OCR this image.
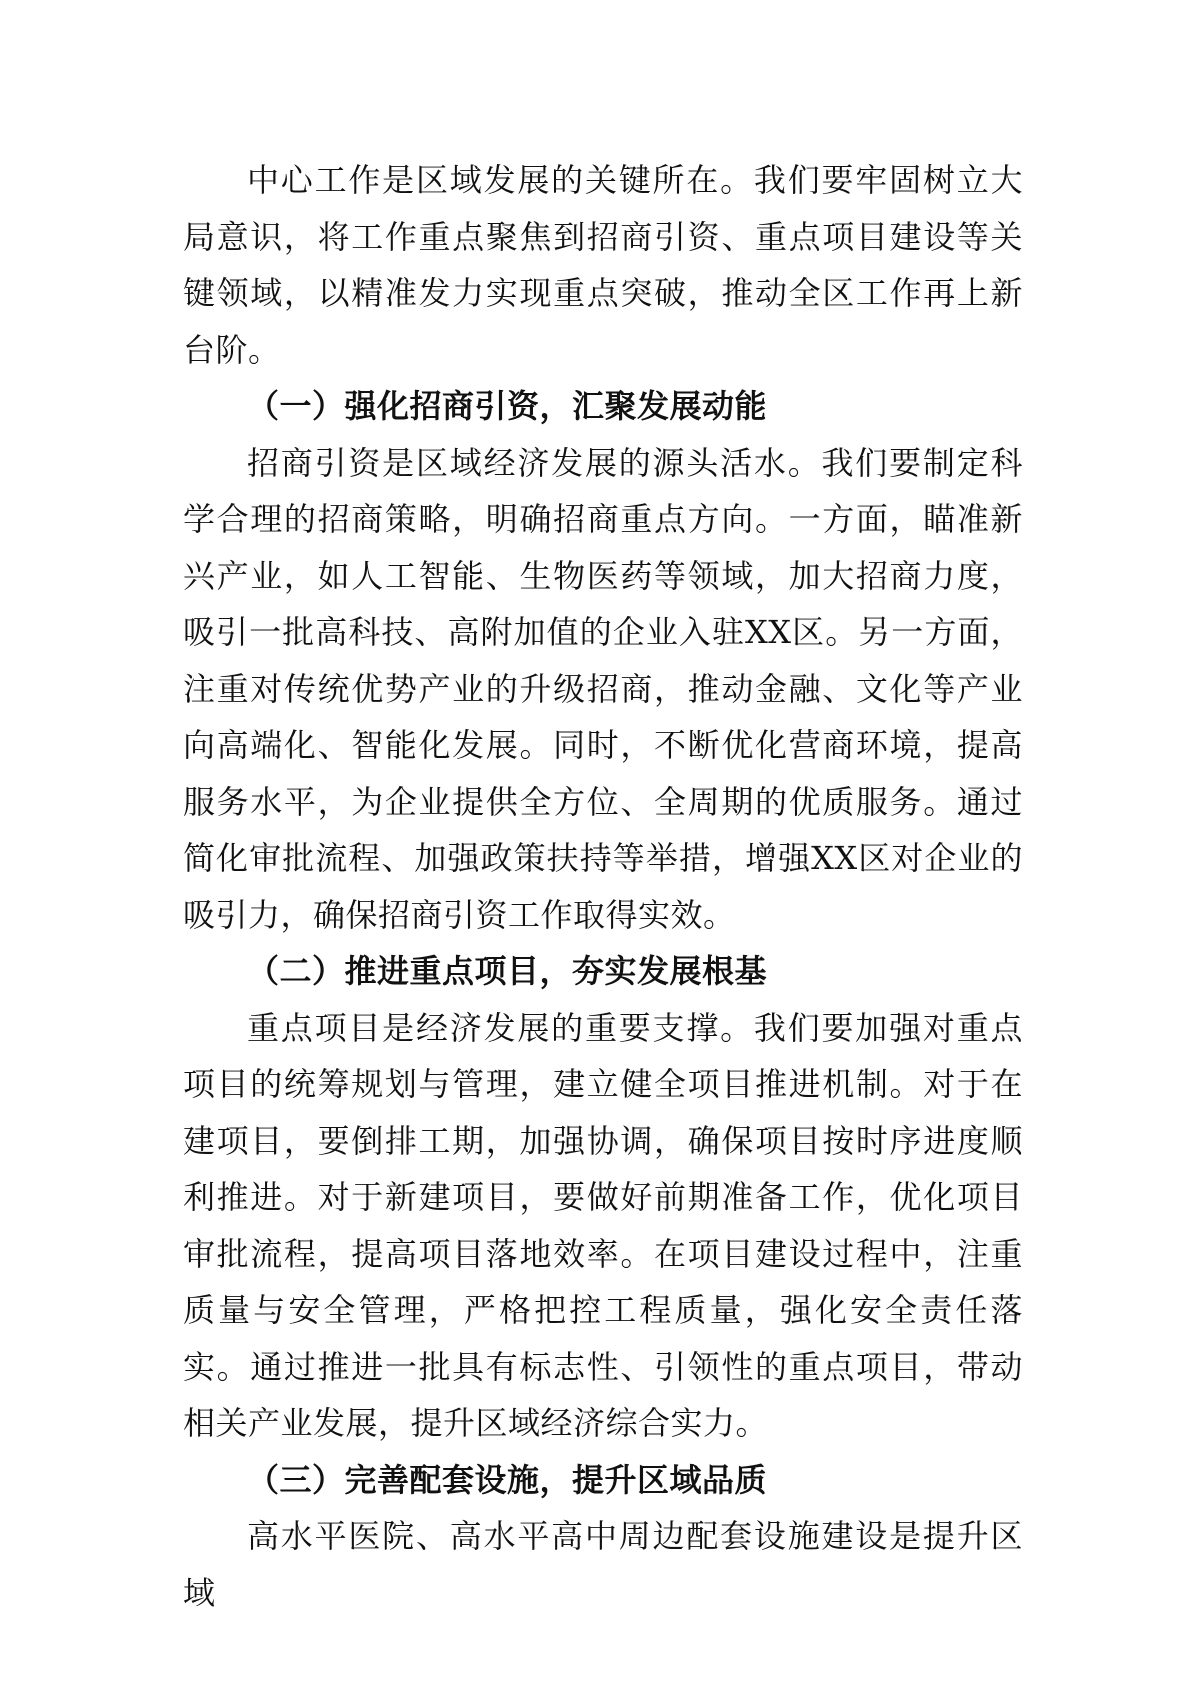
中心工作是区域发展的关键所在。我们要牢固树立大局意识，将工作重点聚焦到招商引资、重点项目建设等关键领域，以精准发力实现重点突破，推动全区工作再上新台阶。

（一）强化招商引资，汇聚发展动能

招商引资是区域经济发展的源头活水。我们要制定科学合理的招商策略，明确招商重点方向。一方面，瞄准新兴产业，如人工智能、生物医药等领域，加大招商力度，吸引一批高科技、高附加值的企业入驻XX区。另一方面，注重对传统优势产业的升级招商，推动金融、文化等产业向高端化、智能化发展。同时，不断优化营商环境，提高服务水平，为企业提供全方位、全周期的优质服务。通过简化审批流程、加强政策扶持等举措，增强XX区对企业的吸引力，确保招商引资工作取得实效。

（二）推进重点项目，夯实发展根基

重点项目是经济发展的重要支撑。我们要加强对重点项目的统筹规划与管理，建立健全项目推进机制。对于在建项目，要倒排工期，加强协调，确保项目按时序进度顺利推进。对于新建项目，要做好前期准备工作，优化项目审批流程，提高项目落地效率。在项目建设过程中，注重质量与安全管理，严格把控工程质量，强化安全责任落实。通过推进一批具有标志性、引领性的重点项目，带动相关产业发展，提升区域经济综合实力。

（三）完善配套设施，提升区域品质

高水平医院、高水平高中周边配套设施建设是提升区域
